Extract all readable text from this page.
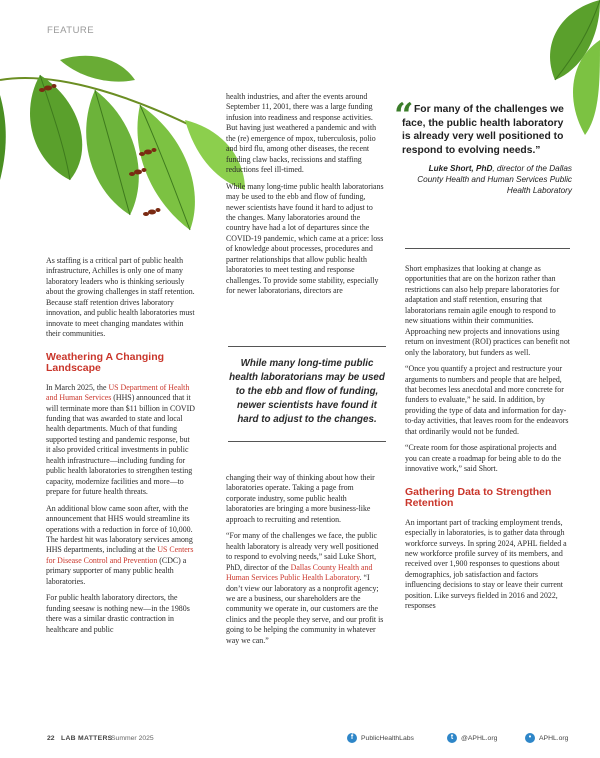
FEATURE

As staffing is a critical part of public health infrastructure, Achilles is only one of many laboratory leaders who is thinking seriously about the growing challenges in staff retention. Because staff retention drives laboratory innovation, and public health laboratories must innovate to meet changing mandates within their communities.

Weathering A Changing Landscape

In March 2025, the US Department of Health and Human Services (HHS) announced that it will terminate more than $11 billion in COVID funding that was awarded to state and local health departments. Much of that funding supported testing and pandemic response, but it also provided critical investments in public health infrastructure—including funding for public health laboratories to strengthen testing capacity, modernize facilities and more—to prepare for future health threats.

An additional blow came soon after, with the announcement that HHS would streamline its operations with a reduction in force of 10,000. The hardest hit was laboratory services among HHS departments, including at the US Centers for Disease Control and Prevention (CDC) a primary supporter of many public health laboratories.

For public health laboratory directors, the funding seesaw is nothing new—in the 1980s there was a similar drastic contraction in healthcare and public

health industries, and after the events around September 11, 2001, there was a large funding infusion into readiness and response activities. But having just weathered a pandemic and with the (re) emergence of mpox, tuberculosis, polio and bird flu, among other diseases, the recent funding claw backs, recissions and staffing reductions feel ill-timed.

While many long-time public health laboratorians may be used to the ebb and flow of funding, newer scientists have found it hard to adjust to the changes. Many laboratories around the country have had a lot of departures since the COVID-19 pandemic, which came at a price: loss of knowledge about processes, procedures and partner relationships that allow public health laboratories to meet testing and response challenges. To provide some stability, especially for newer laboratorians, directors are

While many long-time public health laboratorians may be used to the ebb and flow of funding, newer scientists have found it hard to adjust to the changes.

changing their way of thinking about how their laboratories operate. Taking a page from corporate industry, some public health laboratories are bringing a more business-like approach to recruiting and retention.

“For many of the challenges we face, the public health laboratory is already very well positioned to respond to evolving needs,” said Luke Short, PhD, director of the Dallas County Health and Human Services Public Health Laboratory. “I don’t view our laboratory as a nonprofit agency; we are a business, our shareholders are the community we operate in, our customers are the clinics and the people they serve, and our profit is going to be helping the community in whatever way we can.”

“ For many of the challenges we face, the public health laboratory is already very well positioned to respond to evolving needs.”
Luke Short, PhD, director of the Dallas County Health and Human Services Public Health Laboratory

Short emphasizes that looking at change as opportunities that are on the horizon rather than restrictions can also help prepare laboratories for adaptation and staff retention, ensuring that laboratorians remain agile enough to respond to new situations within their communities. Approaching new projects and innovations using return on investment (ROI) practices can benefit not only the laboratory, but funders as well.

“Once you quantify a project and restructure your arguments to numbers and people that are helped, that becomes less anecdotal and more concrete for funders to evaluate,” he said. In addition, by providing the type of data and information for day-to-day activities, that leaves room for the endeavors that ordinarily would not be funded.

“Create room for those aspirational projects and you can create a roadmap for being able to do the innovative work,” said Short.

Gathering Data to Strengthen Retention

An important part of tracking employment trends, especially in laboratories, is to gather data through workforce surveys. In spring 2024, APHL fielded a new workforce profile survey of its members, and received over 1,900 responses to questions about demographics, job satisfaction and factors influencing decisions to stay or leave their current position. Like surveys fielded in 2016 and 2022, responses

22 LAB MATTERS
Summer 2025	f	PublicHealthLabs	t	@APHL.org	•	APHL.org
